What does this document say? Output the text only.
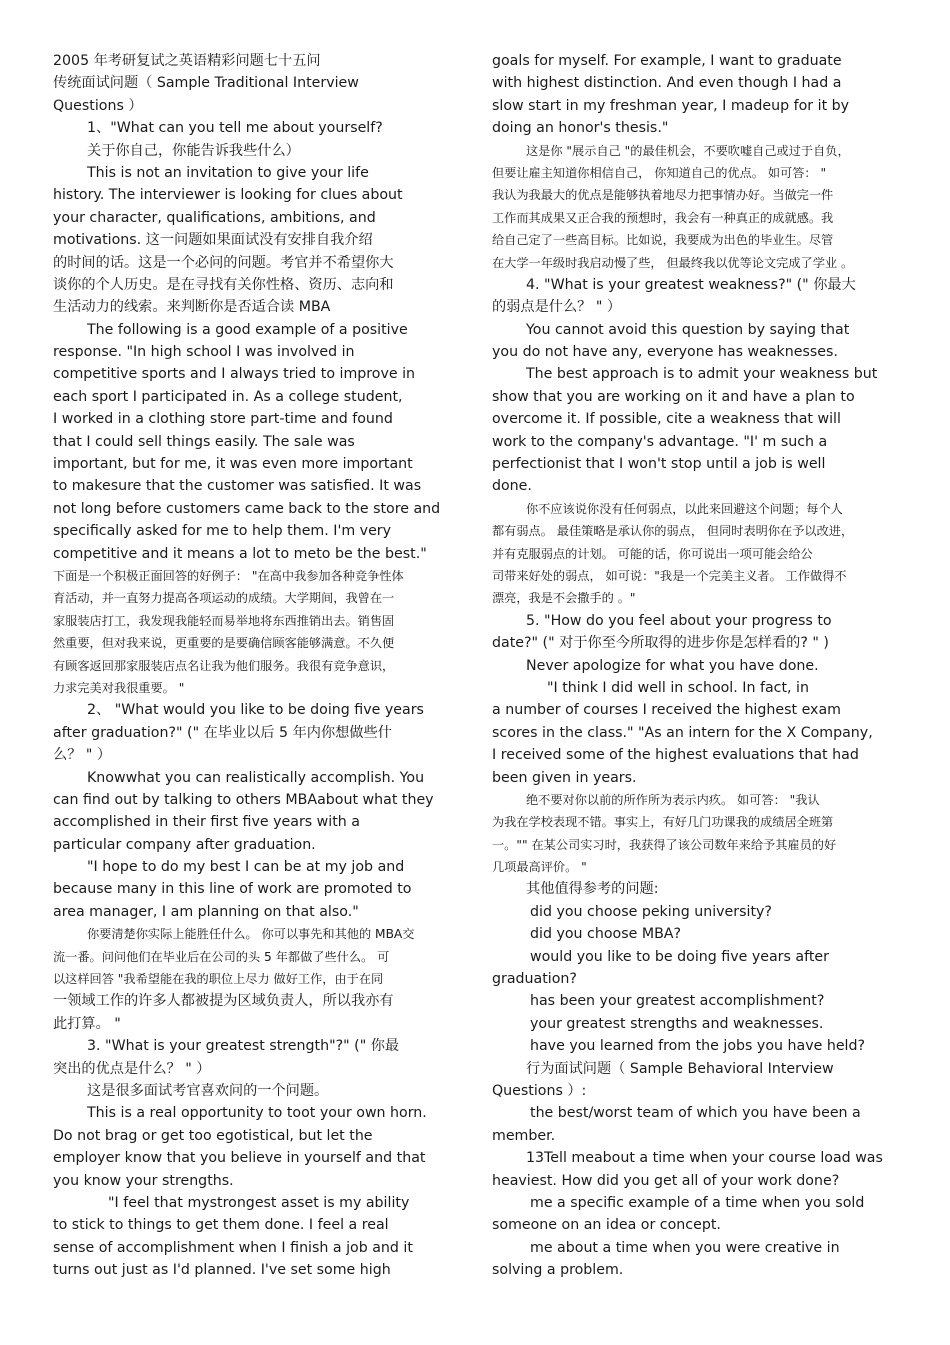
2005 年考研复试之英语精彩问题七十五问
传统面试问题（ Sample Traditional Interview
Questions ）
1、"What can you tell me about yourself?
关于你自己，你能告诉我些什么）
This is not an invitation to give your life
history. The interviewer is looking for clues about
your character, qualifications, ambitions, and
motivations. 这一问题如果面试没有安排自我介绍
的时间的话。这是一个必问的问题。考官并不希望你大
谈你的个人历史。是在寻找有关你性格、资历、志向和
生活动力的线索。来判断你是否适合读 MBA
The following is a good example of a positive
response. "In high school I was involved in
competitive sports and I always tried to improve in
each sport I participated in. As a college student,
I worked in a clothing store part-time and found
that I could sell things easily. The sale was
important, but for me, it was even more important
to makesure that the customer was satisfied. It was
not long before customers came back to the store and
specifically asked for me to help them. I'm very
competitive and it means a lot to meto be the best."
下面是一个积极正面回答的好例子： "在高中我参加各种竞争性体
育活动，并一直努力提高各项运动的成绩。大学期间，我曾在一
家服装店打工，我发现我能轻而易举地将东西推销出去。销售固
然重要，但对我来说，更重要的是要确信顾客能够满意。不久便
有顾客返回那家服装店点名让我为他们服务。我很有竞争意识，
力求完美对我很重要。 "
2、 "What would you like to be doing five years
after graduation?" (" 在毕业以后 5 年内你想做些什
么？ " ）
Knowwhat you can realistically accomplish. You
can find out by talking to others MBAabout what they
accomplished in their first five years with a
particular company after graduation.
"I hope to do my best I can be at my job and
because many in this line of work are promoted to
area manager, I am planning on that also."
你要清楚你实际上能胜任什么。 你可以事先和其他的 MBA交
流一番。问问他们在毕业后在公司的头 5 年都做了些什么。 可
以这样回答 "我希望能在我的职位上尽力 做好工作，由于在同
一领域工作的许多人都被提为区域负责人，所以我亦有
此打算。 "
3. "What is your greatest strength"?" (" 你最
突出的优点是什么？ " ）
这是很多面试考官喜欢问的一个问题。
This is a real opportunity to toot your own horn.
Do not brag or get too egotistical, but let the
employer know that you believe in yourself and that
you know your strengths.
"I feel that mystrongest asset is my ability
to stick to things to get them done. I feel a real
sense of accomplishment when I finish a job and it
turns out just as I'd planned. I've set some high
goals for myself. For example, I want to graduate
with highest distinction. And even though I had a
slow start in my freshman year, I madeup for it by
doing an honor's thesis."
这是你 "展示自己 "的最佳机会，不要吹嘘自己或过于自负，
但要让雇主知道你相信自己， 你知道自己的优点。 如可答： "
我认为我最大的优点是能够执着地尽力把事情办好。当做完一件
工作而其成果又正合我的预想时，我会有一种真正的成就感。我
给自己定了一些高目标。比如说，我要成为出色的毕业生。尽管
在大学一年级时我启动慢了些， 但最终我以优等论文完成了学业 。
4. "What is your greatest weakness?" (" 你最大
的弱点是什么？ " ）
You cannot avoid this question by saying that
you do not have any, everyone has weaknesses.
The best approach is to admit your weakness but
show that you are working on it and have a plan to
overcome it. If possible, cite a weakness that will
work to the company's advantage. "I' m such a
perfectionist that I won't stop until a job is well
done.
你不应该说你没有任何弱点，以此来回避这个问题；每个人
都有弱点。 最佳策略是承认你的弱点， 但同时表明你在予以改进，
并有克服弱点的计划。 可能的话，你可说出一项可能会给公
司带来好处的弱点， 如可说："我是一个完美主义者。 工作做得不
漂亮，我是不会撒手的 。"
5. "How do you feel about your progress to
date?" (" 对于你至今所取得的进步你是怎样看的? " )
Never apologize for what you have done.
"I think I did well in school. In fact, in
a number of courses I received the highest exam
scores in the class." "As an intern for the X Company,
I received some of the highest evaluations that had
been given in years.
绝不要对你以前的所作所为表示内疚。 如可答： "我认
为我在学校表现不错。事实上，有好几门功课我的成绩居全班第
一。"" 在某公司实习时，我获得了该公司数年来给予其雇员的好
几项最高评价。 "
其他值得参考的问题:
did you choose peking university?
did you choose MBA?
would you like to be doing five years after
graduation?
has been your greatest accomplishment?
your greatest strengths and weaknesses.
have you learned from the jobs you have held?
行为面试问题（ Sample Behavioral Interview
Questions ）:
the best/worst team of which you have been a
member.
13Tell meabout a time when your course load was
heaviest. How did you get all of your work done?
me a specific example of a time when you sold
someone on an idea or concept.
me about a time when you were creative in
solving a problem.
